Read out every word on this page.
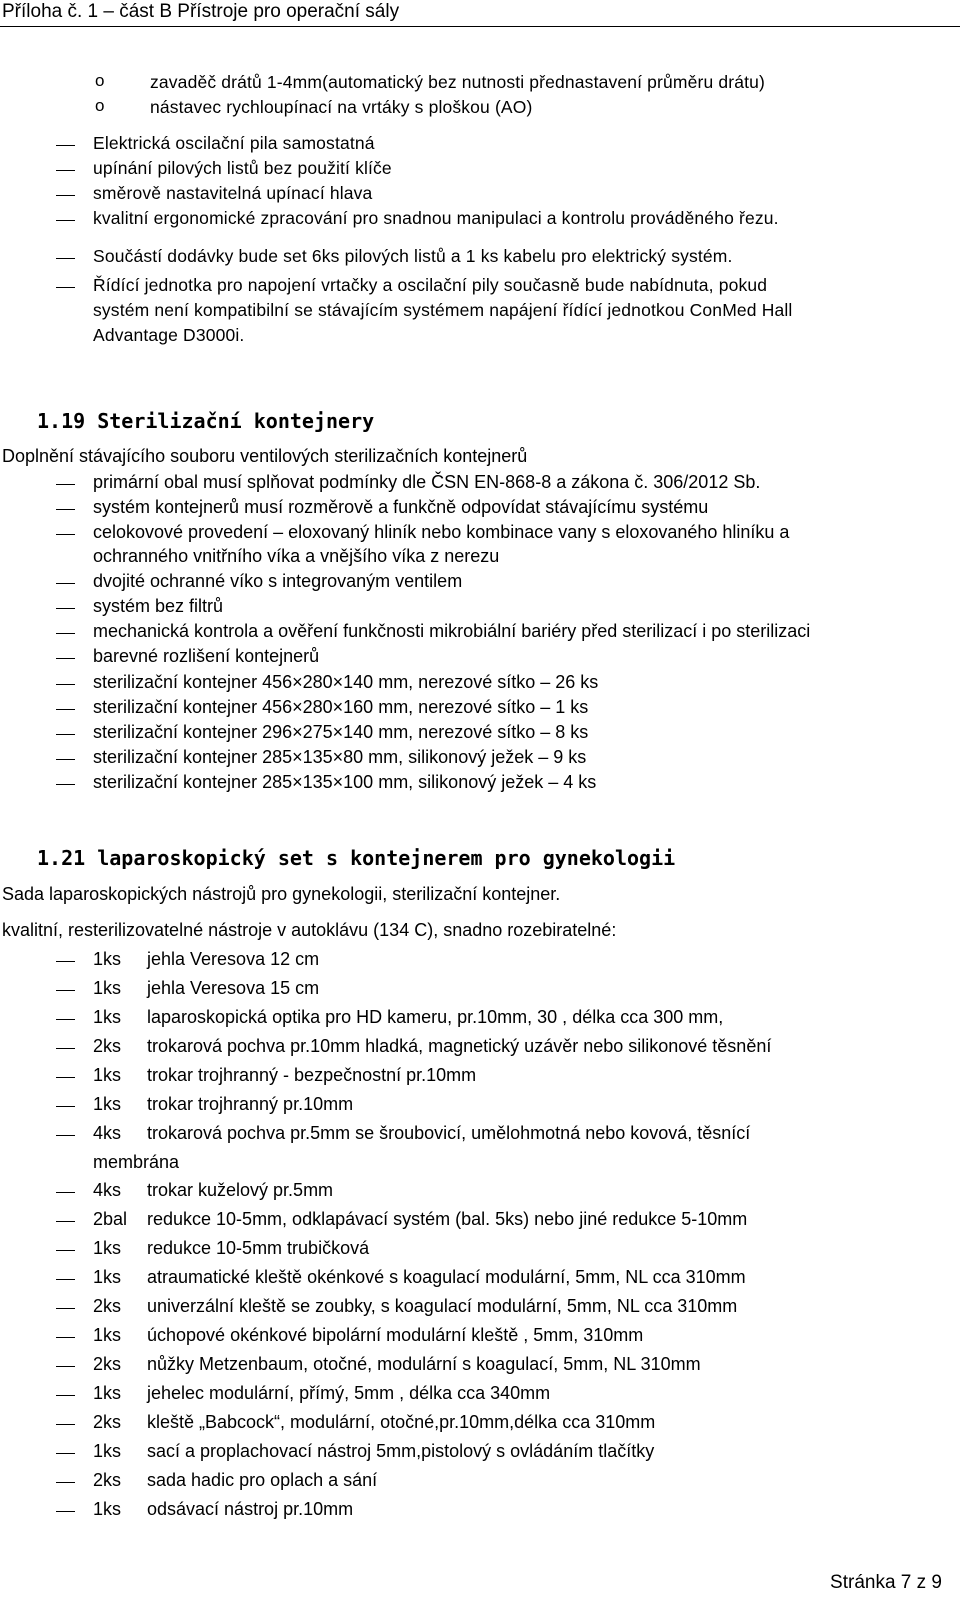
Příloha č. 1 – část B Přístroje pro operační sály
o	zavaděč drátů 1-4mm(automatický bez nutnosti přednastavení průměru drátu)
o	nástavec rychloupínací na vrtáky s ploškou (AO)
Elektrická oscilační pila samostatná
upínání pilových listů bez použití klíče
směrově nastavitelná upínací hlava
kvalitní ergonomické zpracování pro snadnou manipulaci a kontrolu prováděného řezu.
Součástí dodávky bude set 6ks pilových listů a 1 ks kabelu pro elektrický systém.
Řídící jednotka pro napojení vrtačky a oscilační pily současně bude nabídnuta, pokud
systém není kompatibilní se stávajícím systémem napájení řídící jednotkou ConMed Hall
Advantage D3000i.
1.19 Sterilizační kontejnery
Doplnění stávajícího souboru ventilových sterilizačních kontejnerů
primární obal musí splňovat podmínky dle ČSN EN-868-8 a zákona č. 306/2012 Sb.
systém kontejnerů musí rozměrově a funkčně odpovídat stávajícímu systému
celokovové provedení – eloxovaný hliník nebo kombinace vany s eloxovaného hliníku a
ochranného vnitřního víka a vnějšího víka z nerezu
dvojité ochranné víko s integrovaným ventilem
systém bez filtrů
mechanická kontrola a ověření funkčnosti mikrobiální bariéry před sterilizací i po sterilizaci
barevné rozlišení kontejnerů
sterilizační kontejner 456×280×140 mm, nerezové sítko – 26 ks
sterilizační kontejner 456×280×160 mm, nerezové sítko – 1 ks
sterilizační kontejner 296×275×140 mm, nerezové sítko – 8 ks
sterilizační kontejner 285×135×80 mm, silikonový ježek – 9 ks
sterilizační kontejner 285×135×100 mm, silikonový ježek – 4 ks
1.21 laparoskopický set s kontejnerem pro gynekologii
Sada laparoskopických nástrojů pro gynekologii, sterilizační kontejner.
kvalitní, resterilizovatelné nástroje v autoklávu (134 C), snadno rozebiratelné:
1ks jehla Veresova 12 cm
1ks jehla Veresova 15 cm
1ks laparoskopická optika pro HD kameru, pr.10mm, 30 , délka cca 300 mm,
2ks trokarová pochva pr.10mm hladká, magnetický uzávěr nebo silikonové těsnění
1ks trokar trojhranný - bezpečnostní pr.10mm
1ks trokar trojhranný pr.10mm
4ks trokarová pochva pr.5mm se šroubovicí, umělohmotná nebo kovová, těsnící
membrána
4ks trokar kuželový pr.5mm
2bal redukce 10-5mm, odklapávací systém (bal. 5ks) nebo jiné redukce 5-10mm
1ks redukce 10-5mm trubičková
1ks atraumatické kleště okénkové s koagulací modulární, 5mm, NL cca 310mm
2ks univerzální kleště se zoubky, s koagulací modulární, 5mm, NL cca 310mm
1ks úchopové okénkové bipolární modulární kleště , 5mm, 310mm
2ks nůžky Metzenbaum, otočné, modulární s koagulací, 5mm, NL 310mm
1ks jehelec modulární, přímý, 5mm , délka cca 340mm
2ks kleště „Babcock“, modulární, otočné,pr.10mm,délka cca 310mm
1ks sací a proplachovací nástroj 5mm,pistolový s ovládáním tlačítky
2ks sada hadic pro oplach a sání
1ks odsávací nástroj pr.10mm
Stránka 7 z 9
